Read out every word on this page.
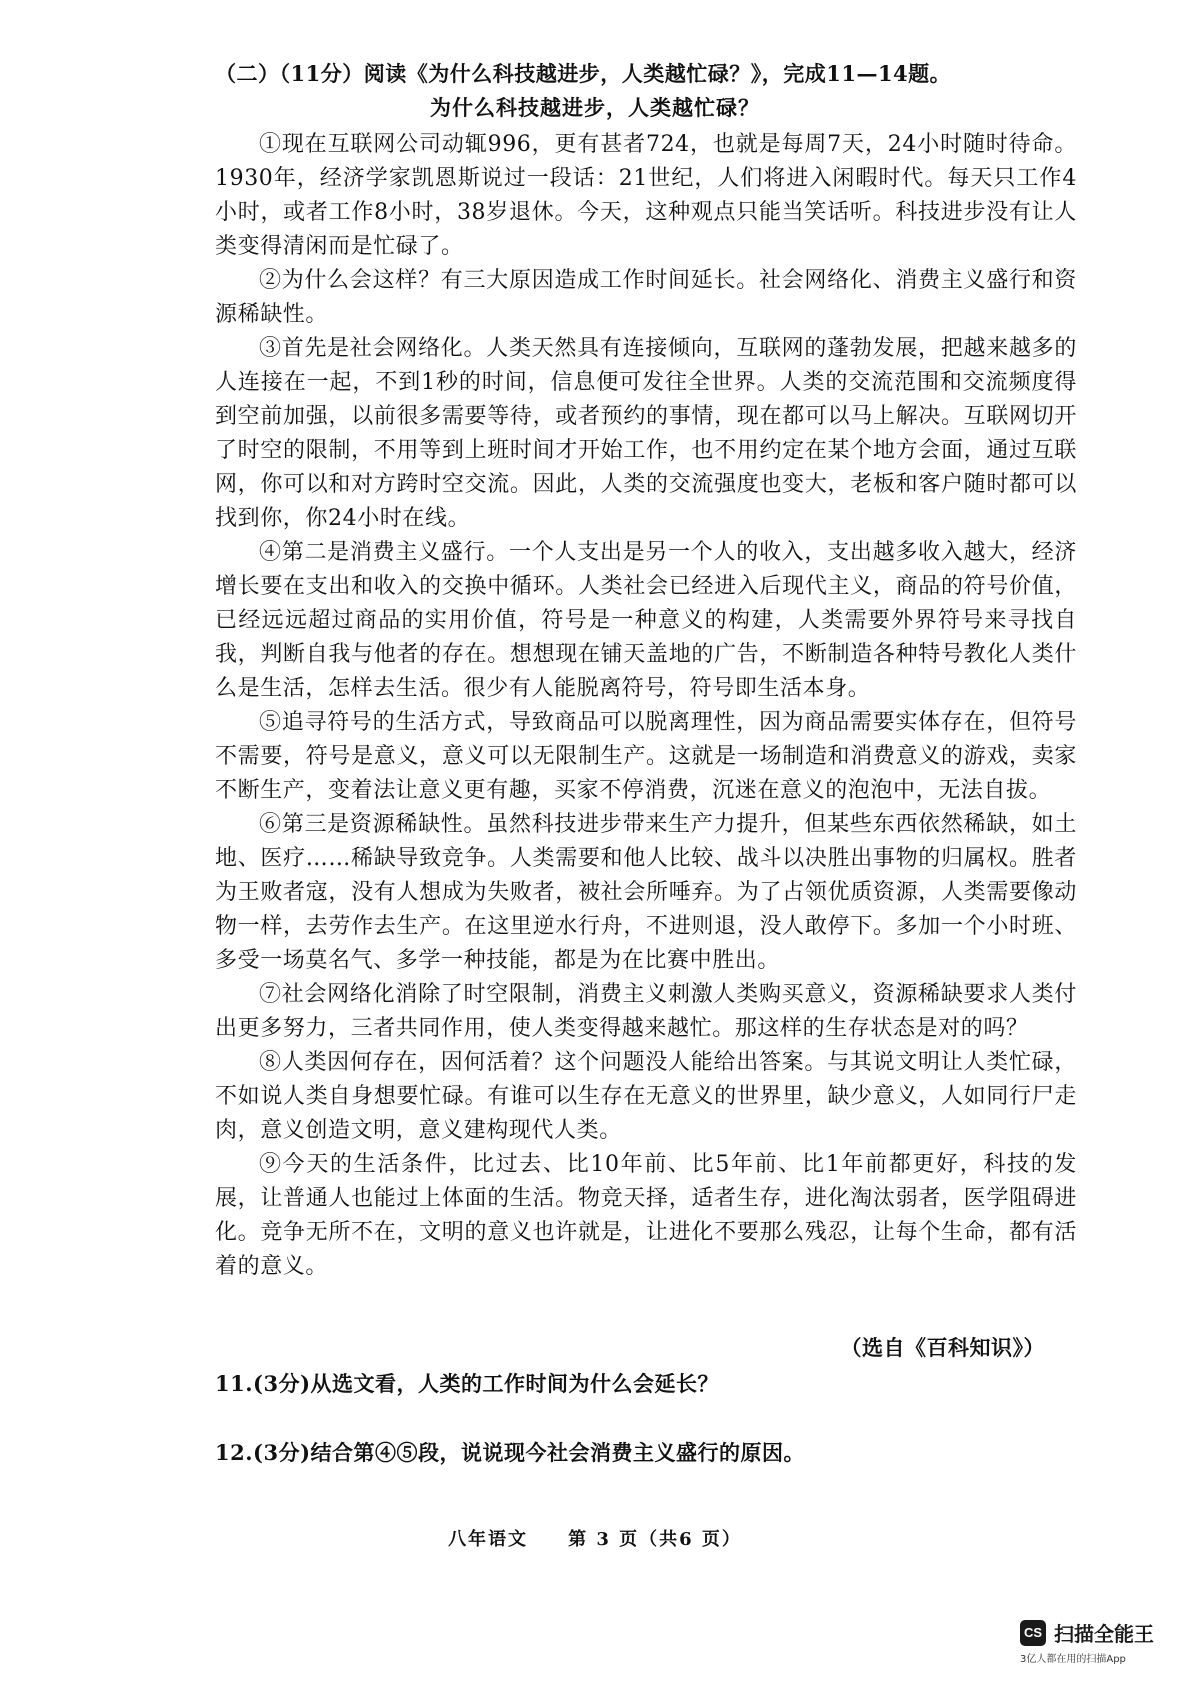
（二）（11分）阅读《为什么科技越进步，人类越忙碌？》，完成11—14题。
为什么科技越进步，人类越忙碌？

①现在互联网公司动辄996，更有甚者724，也就是每周7天，24小时随时待命。1930年，经济学家凯恩斯说过一段话：21世纪，人们将进入闲暇时代。每天只工作4小时，或者工作8小时，38岁退休。今天，这种观点只能当笑话听。科技进步没有让人类变得清闲而是忙碌了。

②为什么会这样？有三大原因造成工作时间延长。社会网络化、消费主义盛行和资源稀缺性。

③首先是社会网络化。人类天然具有连接倾向，互联网的蓬勃发展，把越来越多的人连接在一起，不到1秒的时间，信息便可发往全世界。人类的交流范围和交流频度得到空前加强，以前很多需要等待，或者预约的事情，现在都可以马上解决。互联网切开了时空的限制，不用等到上班时间才开始工作，也不用约定在某个地方会面，通过互联网，你可以和对方跨时空交流。因此，人类的交流强度也变大，老板和客户随时都可以找到你，你24小时在线。

④第二是消费主义盛行。一个人支出是另一个人的收入，支出越多收入越大，经济增长要在支出和收入的交换中循环。人类社会已经进入后现代主义，商品的符号价值，已经远远超过商品的实用价值，符号是一种意义的构建，人类需要外界符号来寻找自我，判断自我与他者的存在。想想现在铺天盖地的广告，不断制造各种特号教化人类什么是生活，怎样去生活。很少有人能脱离符号，符号即生活本身。

⑤追寻符号的生活方式，导致商品可以脱离理性，因为商品需要实体存在，但符号不需要，符号是意义，意义可以无限制生产。这就是一场制造和消费意义的游戏，卖家不断生产，变着法让意义更有趣，买家不停消费，沉迷在意义的泡泡中，无法自拔。

⑥第三是资源稀缺性。虽然科技进步带来生产力提升，但某些东西依然稀缺，如土地、医疗……稀缺导致竞争。人类需要和他人比较、战斗以决胜出事物的归属权。胜者为王败者寇，没有人想成为失败者，被社会所唾弃。为了占领优质资源，人类需要像动物一样，去劳作去生产。在这里逆水行舟，不进则退，没人敢停下。多加一个小时班、多受一场莫名气、多学一种技能，都是为在比赛中胜出。

⑦社会网络化消除了时空限制，消费主义刺激人类购买意义，资源稀缺要求人类付出更多努力，三者共同作用，使人类变得越来越忙。那这样的生存状态是对的吗？

⑧人类因何存在，因何活着？这个问题没人能给出答案。与其说文明让人类忙碌，不如说人类自身想要忙碌。有谁可以生存在无意义的世界里，缺少意义，人如同行尸走肉，意义创造文明，意义建构现代人类。

⑨今天的生活条件，比过去、比10年前、比5年前、比1年前都更好，科技的发展，让普通人也能过上体面的生活。物竞天择，适者生存，进化淘汰弱者，医学阻碍进化。竞争无所不在，文明的意义也许就是，让进化不要那么残忍，让每个生命，都有活着的意义。

（选自《百科知识》）
11.(3分)从选文看，人类的工作时间为什么会延长？
12.(3分)结合第④⑤段，说说现今社会消费主义盛行的原因。
八年语文 第 3 页（共6 页）
CS 扫描全能王
3亿人都在用的扫描App
